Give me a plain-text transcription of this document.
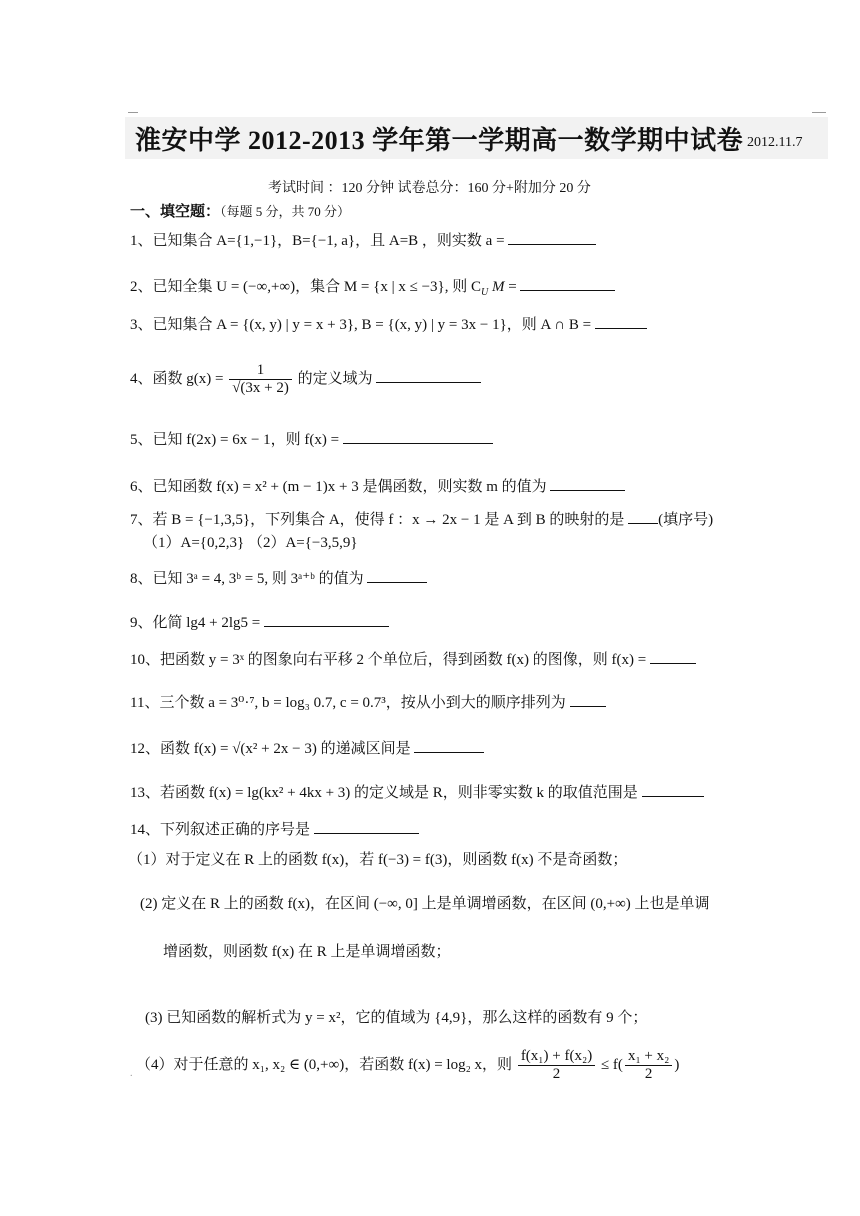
淮安中学 2012-2013 学年第一学期高一数学期中试卷 2012.11.7
考试时间 ：120 分钟 试卷总分：160 分+附加分 20 分
一、填空题：（每题 5 分，共 70 分）
1、已知集合 A={1,−1}，B={−1, a}，且 A=B ，则实数 a =
2、已知全集 U = (−∞,+∞)，集合 M = {x | x ≤ −3}, 则 $C_U$ M =
3、已知集合 A = {(x, y) | y = x + 3}, B = {(x, y) | y = 3x − 1}，则 A ∩ B =
4、函数 $g(x) = \frac{1}{√(3x + 2)}$ 的定义域为
5、已知 f(2x) = 6x − 1，则 f(x) =
6、已知函数 f(x) = x² + (m − 1)x + 3 是偶函数，则实数 m 的值为
7、若 B = {−1,3,5}，下列集合 A，使得 f ：x → 2x − 1 是 A 到 B 的映射的是 (填序号)
（1）A={0,2,3} （2）A={−3,5,9}
8、已知 3ᵃ = 4, 3ᵇ = 5, 则 3ᵃ⁺ᵇ 的值为
9、化简 lg4 + 2lg5 =
10、把函数 y = 3ˣ 的图象向右平移 2 个单位后，得到函数 f(x) 的图像，则 f(x) =
11、三个数 a = 3⁰·⁷, b = log₃ 0.7, c = 0.7³，按从小到大的顺序排列为
12、函数 f(x) = √(x² + 2x − 3) 的递减区间是
13、若函数 f(x) = lg(kx² + 4kx + 3) 的定义域是 R，则非零实数 k 的取值范围是
14、下列叙述正确的序号是
（1）对于定义在 R 上的函数 f(x)，若 f(−3) = f(3)，则函数 f(x) 不是奇函数；
(2) 定义在 R 上的函数 f(x)，在区间 (−∞, 0] 上是单调增函数，在区间 (0,+∞) 上也是单调
增函数，则函数 f(x) 在 R 上是单调增函数；
(3) 已知函数的解析式为 y = x²，它的值域为 {4,9}，那么这样的函数有 9 个；
.
（4）对于任意的 x₁, x₂ ∈ (0,+∞)，若函数 f(x) = log₂ x，则 $\frac{\text{f(x₁) + f(x₂)}}{2} \le f( \frac{\text{x₁ + x₂}}{2}$ )
